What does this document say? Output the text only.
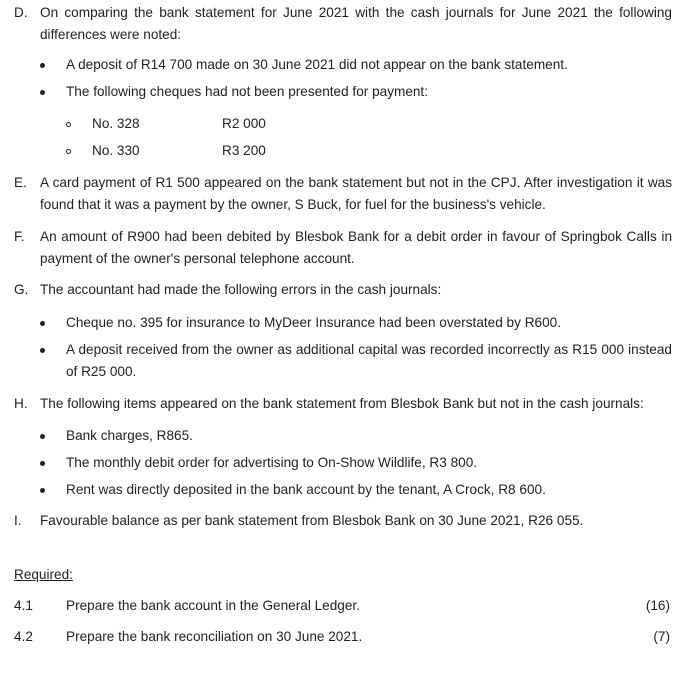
D. On comparing the bank statement for June 2021 with the cash journals for June 2021 the following differences were noted:
A deposit of R14 700 made on 30 June 2021 did not appear on the bank statement.
The following cheques had not been presented for payment:
No. 328	R2 000
No. 330	R3 200
E. A card payment of R1 500 appeared on the bank statement but not in the CPJ. After investigation it was found that it was a payment by the owner, S Buck, for fuel for the business's vehicle.
F. An amount of R900 had been debited by Blesbok Bank for a debit order in favour of Springbok Calls in payment of the owner's personal telephone account.
G. The accountant had made the following errors in the cash journals:
Cheque no. 395 for insurance to MyDeer Insurance had been overstated by R600.
A deposit received from the owner as additional capital was recorded incorrectly as R15 000 instead of R25 000.
H. The following items appeared on the bank statement from Blesbok Bank but not in the cash journals:
Bank charges, R865.
The monthly debit order for advertising to On-Show Wildlife, R3 800.
Rent was directly deposited in the bank account by the tenant, A Crock, R8 600.
I. Favourable balance as per bank statement from Blesbok Bank on 30 June 2021, R26 055.
Required:
4.1 Prepare the bank account in the General Ledger.	(16)
4.2 Prepare the bank reconciliation on 30 June 2021.	(7)
